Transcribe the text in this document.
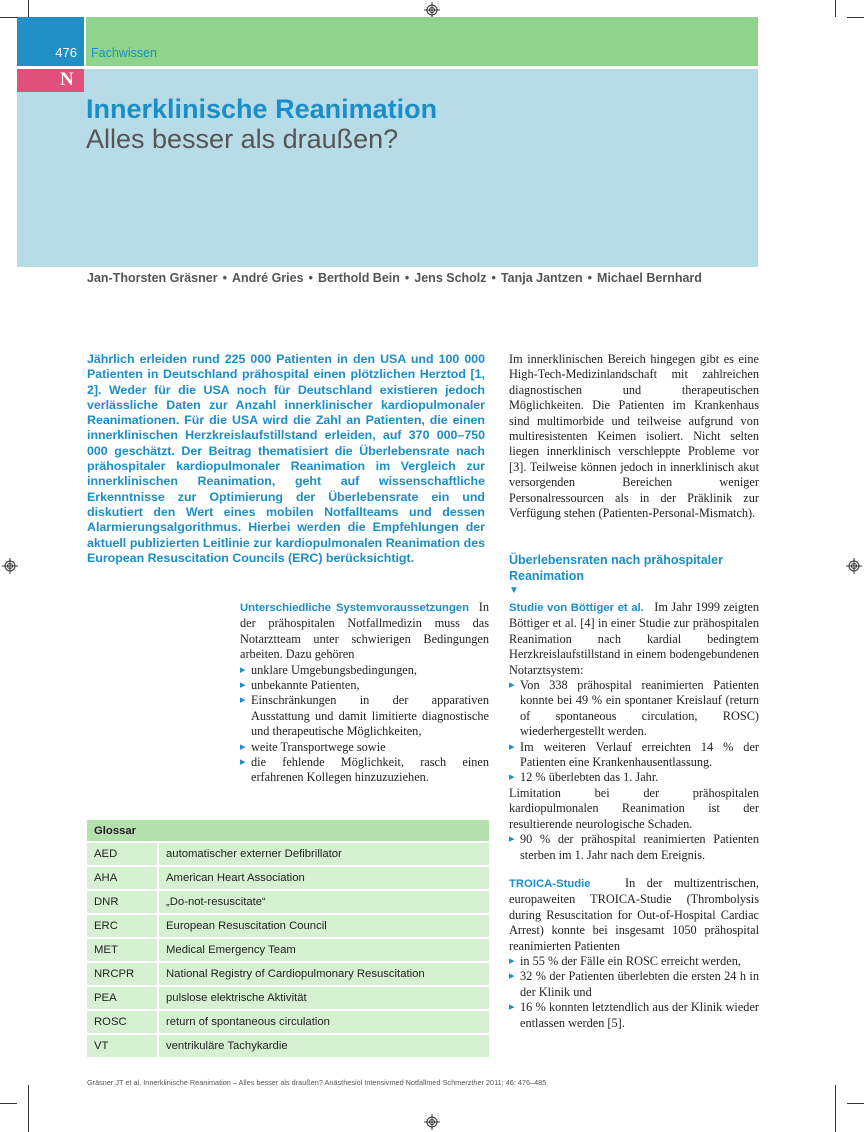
476 Fachwissen
N
Innerklinische Reanimation
Alles besser als draußen?
Jan-Thorsten Gräsner • André Gries • Berthold Bein • Jens Scholz • Tanja Jantzen • Michael Bernhard
Jährlich erleiden rund 225 000 Patienten in den USA und 100 000 Patienten in Deutschland prähospital einen plötzlichen Herztod [1, 2]. Weder für die USA noch für Deutschland existieren jedoch verlässliche Daten zur Anzahl innerklinischer kardiopulmonaler Reanimationen. Für die USA wird die Zahl an Patienten, die einen innerklinischen Herzkreislaufstillstand erleiden, auf 370 000–750 000 geschätzt. Der Beitrag thematisiert die Überlebensrate nach prähospitaler kardiopulmonaler Reanimation im Vergleich zur innerklinischen Reanimation, geht auf wissenschaftliche Erkenntnisse zur Optimierung der Überlebensrate ein und diskutiert den Wert eines mobilen Notfallteams und dessen Alarmierungsalgorithmus. Hierbei werden die Empfehlungen der aktuell publizierten Leitlinie zur kardiopulmonalen Reanimation des European Resuscitation Councils (ERC) berücksichtigt.
Unterschiedliche Systemvoraussetzungen In der prähospitalen Notfallmedizin muss das Notarztteam unter schwierigen Bedingungen arbeiten. Dazu gehören
▸ unklare Umgebungsbedingungen,
▸ unbekannte Patienten,
▸ Einschränkungen in der apparativen Ausstattung und damit limitierte diagnostische und therapeutische Möglichkeiten,
▸ weite Transportwege sowie
▸ die fehlende Möglichkeit, rasch einen erfahrenen Kollegen hinzuzuziehen.
Glossar	
AED	automatischer externer Defibrillator
AHA	American Heart Association
DNR	„Do-not-resuscitate“
ERC	European Resuscitation Council
MET	Medical Emergency Team
NRCPR	National Registry of Cardiopulmonary Resuscitation
PEA	pulslose elektrische Aktivität
ROSC	return of spontaneous circulation
VT	ventrikuläre Tachykardie
Im innerklinischen Bereich hingegen gibt es eine High-Tech-Medizinlandschaft mit zahlreichen diagnostischen und therapeutischen Möglichkeiten. Die Patienten im Krankenhaus sind multimorbide und teilweise aufgrund von multiresistenten Keimen isoliert. Nicht selten liegen innerklinisch verschleppte Probleme vor [3]. Teilweise können jedoch in innerklinisch akut versorgenden Bereichen weniger Personalressourcen als in der Präklinik zur Verfügung stehen (Patienten-Personal-Mismatch).
Überlebensraten nach prähospitaler Reanimation
▼
Studie von Böttiger et al. Im Jahr 1999 zeigten Böttiger et al. [4] in einer Studie zur prähospitalen Reanimation nach kardial bedingtem Herzkreislaufstillstand in einem bodengebundenen Notarztsystem:
▸ Von 338 prähospital reanimierten Patienten konnte bei 49 % ein spontaner Kreislauf (return of spontaneous circulation, ROSC) wiederhergestellt werden.
▸ Im weiteren Verlauf erreichten 14 % der Patienten eine Krankenhausentlassung.
▸ 12 % überlebten das 1. Jahr.
Limitation bei der prähospitalen kardiopulmonalen Reanimation ist der resultierende neurologische Schaden.
▸ 90 % der prähospital reanimierten Patienten sterben im 1. Jahr nach dem Ereignis.
TROICA-Studie	In der multizentrischen, europaweiten TROICA-Studie (Thrombolysis during Resuscitation for Out-of-Hospital Cardiac Arrest) konnte bei insgesamt 1050 prähospital reanimierten Patienten
▸ in 55 % der Fälle ein ROSC erreicht werden,
▸ 32 % der Patienten überlebten die ersten 24 h in der Klinik und
▸ 16 % konnten letztendlich aus der Klinik wieder entlassen werden [5].
Gräsner JT et al. Innerklinische Reanimation – Alles besser als draußen? Anästhesiol Intensivmed Notfallmed Schmerzther 2011; 46: 476–485
